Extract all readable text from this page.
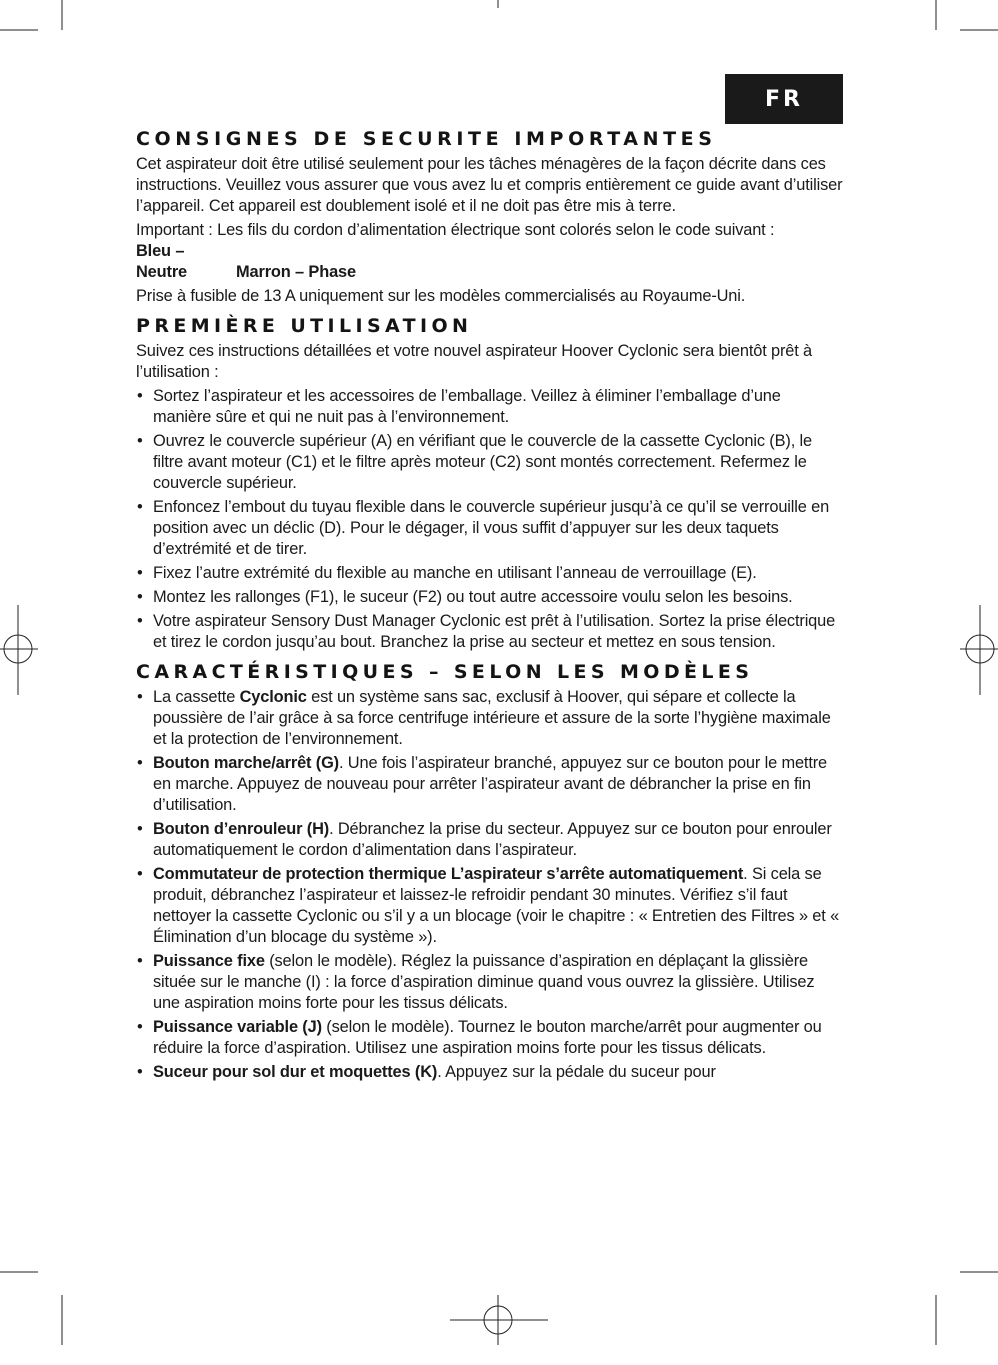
FR
CONSIGNES DE SECURITE IMPORTANTES

Cet aspirateur doit être utilisé seulement pour les tâches ménagères de la façon décrite dans ces instructions. Veuillez vous assurer que vous avez lu et compris entièrement ce guide avant d’utiliser l’appareil. Cet appareil est doublement isolé et il ne doit pas être mis à terre.

Important : Les fils du cordon d’alimentation électrique sont colorés selon le code suivant : Bleu – Neutre	Marron – Phase

Prise à fusible de 13 A uniquement sur les modèles commercialisés au Royaume-Uni.

PREMIÈRE UTILISATION

Suivez ces instructions détaillées et votre nouvel aspirateur Hoover Cyclonic sera bientôt prêt à l’utilisation :

• Sortez l’aspirateur et les accessoires de l’emballage. Veillez à éliminer l’emballage d’une manière sûre et qui ne nuit pas à l’environnement.
• Ouvrez le couvercle supérieur (A) en vérifiant que le couvercle de la cassette Cyclonic (B), le filtre avant moteur (C1) et le filtre après moteur (C2) sont montés correctement. Refermez le couvercle supérieur.
• Enfoncez l’embout du tuyau flexible dans le couvercle supérieur jusqu’à ce qu’il se verrouille en position avec un déclic (D). Pour le dégager, il vous suffit d’appuyer sur les deux taquets d’extrémité et de tirer.
• Fixez l’autre extrémité du flexible au manche en utilisant l’anneau de verrouillage (E).
• Montez les rallonges (F1), le suceur (F2) ou tout autre accessoire voulu selon les besoins.
• Votre aspirateur Sensory Dust Manager Cyclonic est prêt à l’utilisation. Sortez la prise électrique et tirez le cordon jusqu’au bout. Branchez la prise au secteur et mettez en sous tension.
CARACTÉRISTIQUES – SELON LES MODÈLES
• La cassette Cyclonic est un système sans sac, exclusif à Hoover, qui sépare et collecte la poussière de l’air grâce à sa force centrifuge intérieure et assure de la sorte l’hygiène maximale et la protection de l’environnement.
• Bouton marche/arrêt (G). Une fois l’aspirateur branché, appuyez sur ce bouton pour le mettre en marche. Appuyez de nouveau pour arrêter l’aspirateur avant de débrancher la prise en fin d’utilisation.
• Bouton d’enrouleur (H). Débranchez la prise du secteur. Appuyez sur ce bouton pour enrouler automatiquement le cordon d’alimentation dans l’aspirateur.
• Commutateur de protection thermique L’aspirateur s’arrête automatiquement. Si cela se produit, débranchez l’aspirateur et laissez-le refroidir pendant 30 minutes. Vérifiez s’il faut nettoyer la cassette Cyclonic ou s’il y a un blocage (voir le chapitre : « Entretien des Filtres » et « Élimination d’un blocage du système »).
• Puissance fixe (selon le modèle). Réglez la puissance d’aspiration en déplaçant la glissière située sur le manche (I) : la force d’aspiration diminue quand vous ouvrez la glissière. Utilisez une aspiration moins forte pour les tissus délicats.
• Puissance variable (J) (selon le modèle). Tournez le bouton marche/arrêt pour augmenter ou réduire la force d’aspiration. Utilisez une aspiration moins forte pour les tissus délicats.
• Suceur pour sol dur et moquettes (K). Appuyez sur la pédale du suceur pour
